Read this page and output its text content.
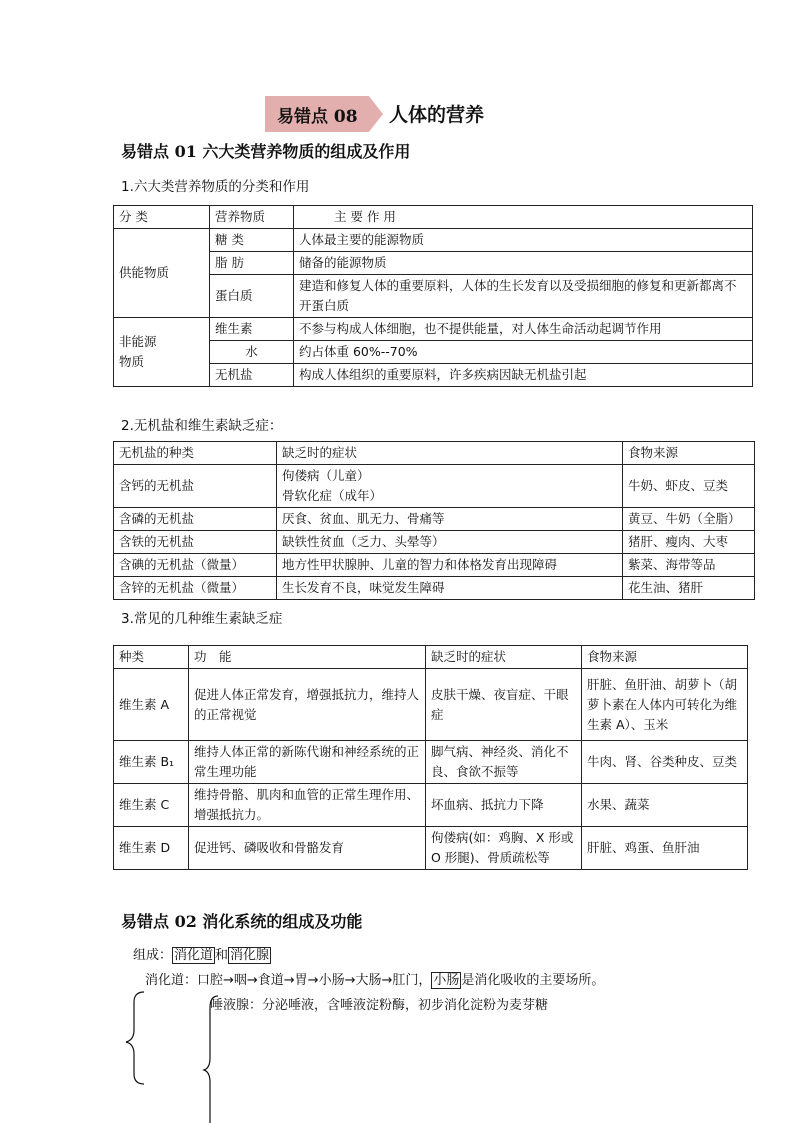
易错点 08 人体的营养
易错点 01 六大类营养物质的组成及作用
1.六大类营养物质的分类和作用
分 类	营养物质	主 要 作 用
供能物质	糖 类	人体最主要的能源物质
	脂 肪	储备的能源物质
	蛋白质	建造和修复人体的重要原料，人体的生长发育以及受损细胞的修复和更新都离不开蛋白质
非能源
物质	维生素	不参与构成人体细胞，也不提供能量，对人体生命活动起调节作用
	水	约占体重 60%--70%
	无机盐	构成人体组织的重要原料，许多疾病因缺无机盐引起
2.无机盐和维生素缺乏症：
无机盐的种类	缺乏时的症状	食物来源
含钙的无机盐	佝偻病（儿童）
骨软化症（成年）	牛奶、虾皮、豆类
含磷的无机盐	厌食、贫血、肌无力、骨痛等	黄豆、牛奶（全脂）
含铁的无机盐	缺铁性贫血（乏力、头晕等）	猪肝、瘦肉、大枣
含碘的无机盐（微量）	地方性甲状腺肿、儿童的智力和体格发育出现障碍	紫菜、海带等品
含锌的无机盐（微量）	生长发育不良，味觉发生障碍	花生油、猪肝
3.常见的几种维生素缺乏症
种类	功　能	缺乏时的症状	食物来源
维生素 A	促进人体正常发育，增强抵抗力，维持人的正常视觉	皮肤干燥、夜盲症、干眼症	肝脏、鱼肝油、胡萝卜（胡萝卜素在人体内可转化为维生素 A）、玉米
维生素 B₁	维持人体正常的新陈代谢和神经系统的正常生理功能	脚气病、神经炎、消化不良、食欲不振等	牛肉、肾、谷类种皮、豆类
维生素 C	维持骨骼、肌肉和血管的正常生理作用、增强抵抗力。	坏血病、抵抗力下降	水果、蔬菜
维生素 D	促进钙、磷吸收和骨骼发育	佝偻病(如：鸡胸、X 形或 O 形腿)、骨质疏松等	肝脏、鸡蛋、鱼肝油
易错点 02 消化系统的组成及功能
组成： 消化道 和 消化腺
消化道：口腔→咽→食道→胃→小肠→大肠→肛门， 小肠 是消化吸收的主要场所。
唾液腺：分泌唾液，含唾液淀粉酶，初步消化淀粉为麦芽糖
